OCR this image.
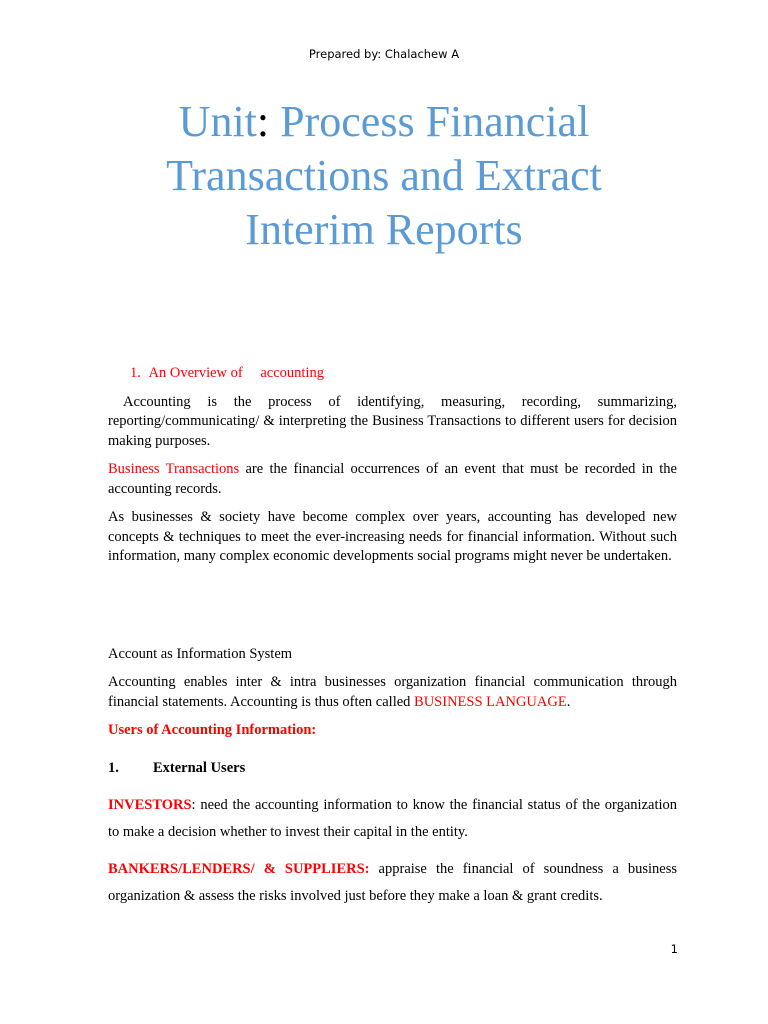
Prepared by: Chalachew A
Unit: Process Financial Transactions and Extract Interim Reports

1. An Overview of accounting

Accounting is the process of identifying, measuring, recording, summarizing, reporting/communicating/ & interpreting the Business Transactions to different users for decision making purposes.

Business Transactions are the financial occurrences of an event that must be recorded in the accounting records.

As businesses & society have become complex over years, accounting has developed new concepts & techniques to meet the ever-increasing needs for financial information. Without such information, many complex economic developments social programs might never be undertaken.

Account as Information System

Accounting enables inter & intra businesses organization financial communication through financial statements. Accounting is thus often called BUSINESS LANGUAGE.

Users of Accounting Information:

1.	External Users

INVESTORS: need the accounting information to know the financial status of the organization to make a decision whether to invest their capital in the entity.

BANKERS/LENDERS/ & SUPPLIERS: appraise the financial of soundness a business organization & assess the risks involved just before they make a loan & grant credits.

1
